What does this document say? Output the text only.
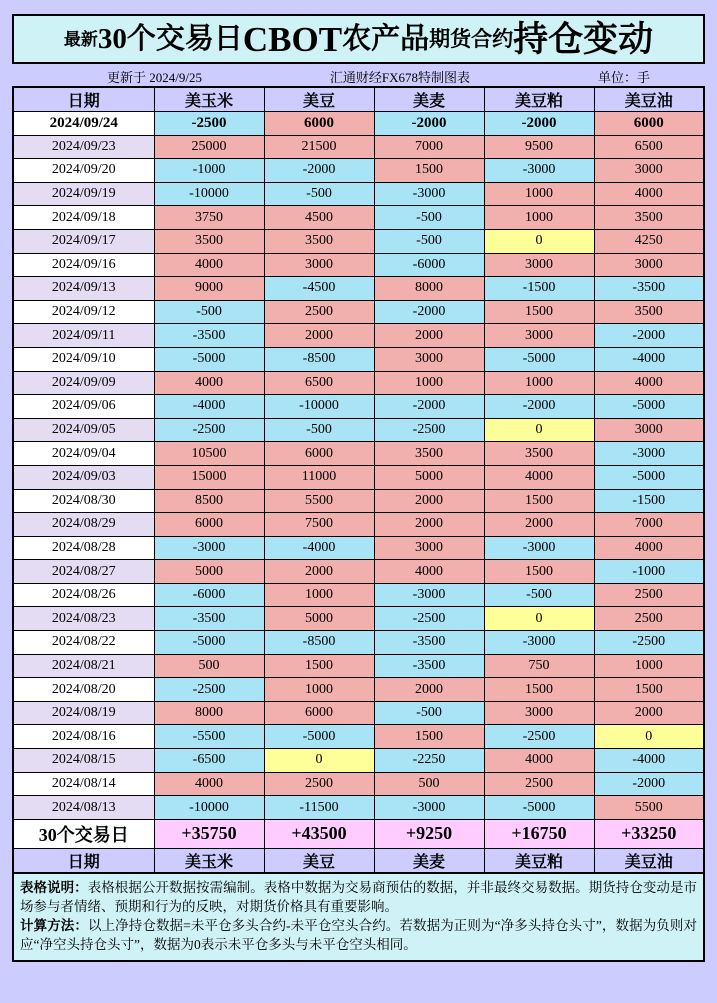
最新 30个交易日 CBOT 农产品 期货合约 持仓变动
更新于 2024/9/25	汇通财经FX678特制图表	单位：手
日期	美玉米	美豆	美麦	美豆粕	美豆油
2024/09/24	-2500	6000	-2000	-2000	6000
2024/09/23	25000	21500	7000	9500	6500
2024/09/20	-1000	-2000	1500	-3000	3000
2024/09/19	-10000	-500	-3000	1000	4000
2024/09/18	3750	4500	-500	1000	3500
2024/09/17	3500	3500	-500	0	4250
2024/09/16	4000	3000	-6000	3000	3000
2024/09/13	9000	-4500	8000	-1500	-3500
2024/09/12	-500	2500	-2000	1500	3500
2024/09/11	-3500	2000	2000	3000	-2000
2024/09/10	-5000	-8500	3000	-5000	-4000
2024/09/09	4000	6500	1000	1000	4000
2024/09/06	-4000	-10000	-2000	-2000	-5000
2024/09/05	-2500	-500	-2500	0	3000
2024/09/04	10500	6000	3500	3500	-3000
2024/09/03	15000	11000	5000	4000	-5000
2024/08/30	8500	5500	2000	1500	-1500
2024/08/29	6000	7500	2000	2000	7000
2024/08/28	-3000	-4000	3000	-3000	4000
2024/08/27	5000	2000	4000	1500	-1000
2024/08/26	-6000	1000	-3000	-500	2500
2024/08/23	-3500	5000	-2500	0	2500
2024/08/22	-5000	-8500	-3500	-3000	-2500
2024/08/21	500	1500	-3500	750	1000
2024/08/20	-2500	1000	2000	1500	1500
2024/08/19	8000	6000	-500	3000	2000
2024/08/16	-5500	-5000	1500	-2500	0
2024/08/15	-6500	0	-2250	4000	-4000
2024/08/14	4000	2500	500	2500	-2000
2024/08/13	-10000	-11500	-3000	-5000	5500
30个交易日	+35750	+43500	+9250	+16750	+33250
日期	美玉米	美豆	美麦	美豆粕	美豆油
表格说明：表格根据公开数据按需编制。表格中数据为交易商预估的数据，并非最终交易数据。期货持仓变动是市场参与者情绪、预期和行为的反映，对期货价格具有重要影响。
计算方法：以上净持仓数据=未平仓多头合约-未平仓空头合约。若数据为正则为“净多头持仓头寸”，数据为负则对应“净空头持仓头寸”，数据为0表示未平仓多头与未平仓空头相同。
